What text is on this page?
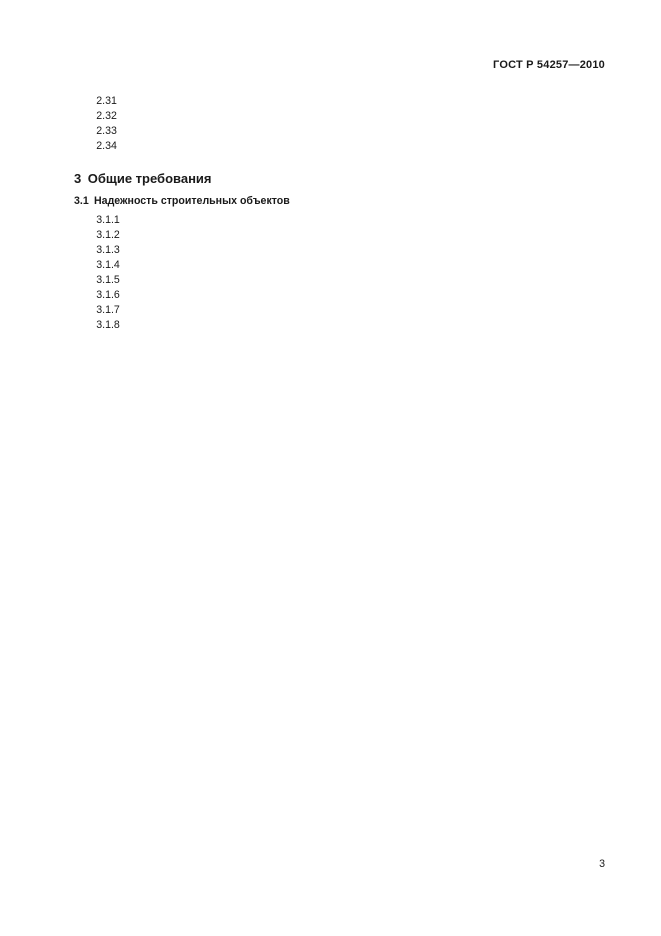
ГОСТ Р 54257—2010

2.31

2.32

2.33

2.34

3 Общие требования
3.1 Надежность строительных объектов

3.1.1

3.1.2

3.1.3

3.1.4

3.1.5

3.1.6

3.1.7

3.1.8

3
